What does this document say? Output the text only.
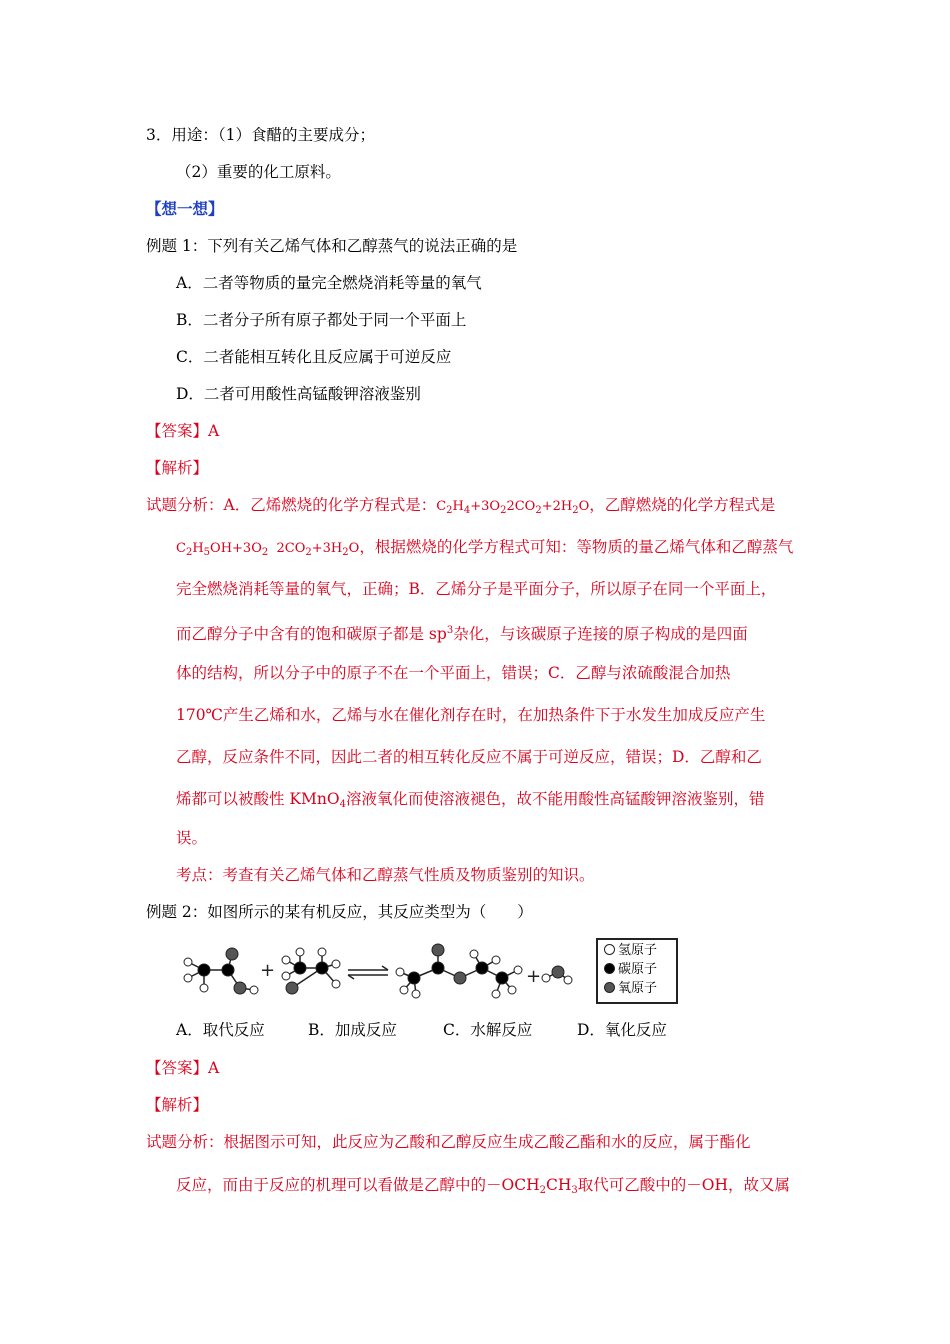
3．用途：（1）食醋的主要成分；
（2）重要的化工原料。
【想一想】
例题 1：下列有关乙烯气体和乙醇蒸气的说法正确的是
A．二者等物质的量完全燃烧消耗等量的氧气
B．二者分子所有原子都处于同一个平面上
C．二者能相互转化且反应属于可逆反应
D．二者可用酸性高锰酸钾溶液鉴别
【答案】A
【解析】
试题分析：A．乙烯燃烧的化学方程式是：$C_2H_4+3O_22CO_2+2H_2O$，乙醇燃烧的化学方程式是
$C_2H_5OH+3O_2$  $2CO_2+3H_2O$，根据燃烧的化学方程式可知：等物质的量乙烯气体和乙醇蒸气
完全燃烧消耗等量的氧气，正确；B．乙烯分子是平面分子，所以原子在同一个平面上，
而乙醇分子中含有的饱和碳原子都是 $sp^3$杂化，与该碳原子连接的原子构成的是四面
体的结构，所以分子中的原子不在一个平面上，错误；C．乙醇与浓硫酸混合加热
170℃产生乙烯和水，乙烯与水在催化剂存在时，在加热条件下于水发生加成反应产生
乙醇，反应条件不同，因此二者的相互转化反应不属于可逆反应，错误；D．乙醇和乙
烯都可以被酸性 KMnO$_4$溶液氧化而使溶液褪色，故不能用酸性高锰酸钾溶液鉴别，错
误。
考点：考查有关乙烯气体和乙醇蒸气性质及物质鉴别的知识。
例题 2：如图所示的某有机反应，其反应类型为（　　）
+	+
氢原子
碳原子
氧原子
A．取代反应	B．加成反应	C．水解反应	D．氧化反应
【答案】A
【解析】
试题分析：根据图示可知，此反应为乙酸和乙醇反应生成乙酸乙酯和水的反应，属于酯化
反应，而由于反应的机理可以看做是乙醇中的$-OCH_2CH_3$取代可乙酸中的－OH，故又属
